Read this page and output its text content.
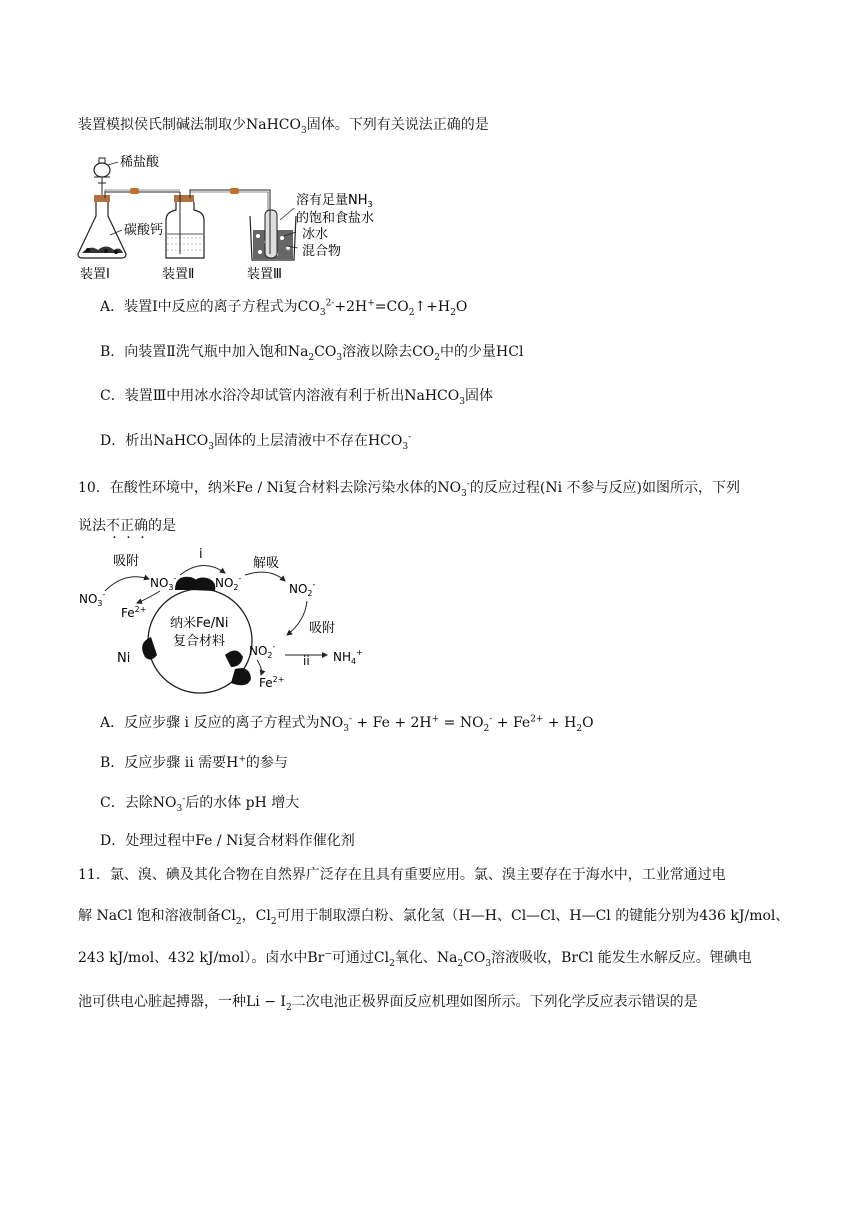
装置模拟侯氏制碱法制取少NaHCO$_3$固体。下列有关说法正确的是
稀盐酸
碳酸钙
溶有足量$NH_3$
的饱和食盐水
冰水
混合物
装置Ⅰ	装置Ⅱ	装置Ⅲ
A．装置Ⅰ中反应的离子方程式为$CO_3^{2-}+2H^+=CO_2↑+H_2O$
B．向装置Ⅱ洗气瓶中加入饱和$Na_2CO_3$溶液以除去$CO_2$中的少量HCl
C．装置Ⅲ中用冰水浴冷却试管内溶液有利于析出NaHCO$_3$固体
D．析出NaHCO$_3$固体的上层清液中不存在$HCO_3^-$
10．在酸性环境中，纳米Fe / Ni复合材料去除污染水体的$NO_3^-$的反应过程(Ni 不参与反应)如图所示，下列
说法不正确的是
吸附	i
解吸
吸附
ii
纳米Fe/Ni
复合材料
$NO_3^-$
$NO_3^-$	$NO_2^-$
$NO_2^-$
$NO_2^-$
$NH_4^+$
$Fe^{2+}$
$Fe^{2+}$
Ni
A．反应步骤 i 反应的离子方程式为$NO_3^- + Fe + 2H^+ = NO_2^- + Fe^{2+} + H_2O$
B．反应步骤 ii 需要H+的参与
C．去除$NO_3^-$后的水体 pH 增大
D．处理过程中Fe / Ni复合材料作催化剂
11．氯、溴、碘及其化合物在自然界广泛存在且具有重要应用。氯、溴主要存在于海水中，工业常通过电
解 NaCl 饱和溶液制备$Cl_2$，$Cl_2$可用于制取漂白粉、氯化氢（H—H、Cl—Cl、H—Cl 的键能分别为436 kJ/mol、
243 kJ/mol、432 kJ/mol）。卤水中Br−可通过$Cl_2$氧化、$Na_2CO_3$溶液吸收，BrCl 能发生水解反应。锂碘电
池可供电心脏起搏器，一种$Li - I_2$二次电池正极界面反应机理如图所示。下列化学反应表示错误的是
